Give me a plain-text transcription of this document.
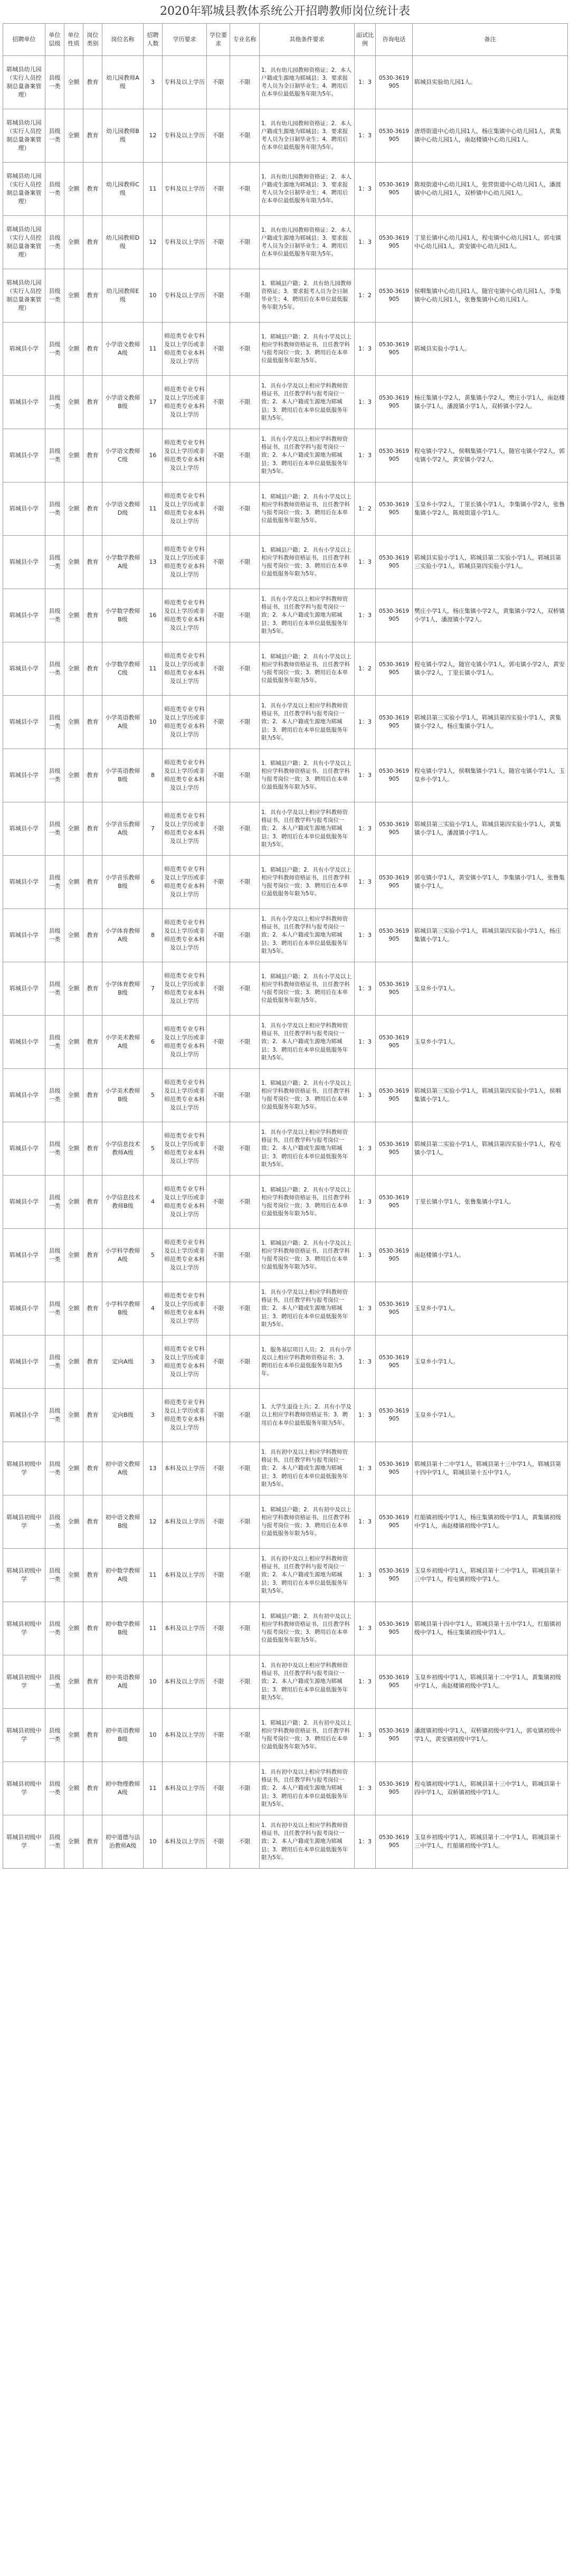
2020年郓城县教体系统公开招聘教师岗位统计表
招聘单位	单位层级	单位性质	岗位类别	岗位名称	招聘人数	学历要求	学位要求	专业名称	其他条件要求	面试比例	咨询电话	备注
郓城县幼儿园（实行人员控制总量备案管理）	县级一类	全额	教育	幼儿园教师A级	3	专科及以上学历	不限	不限	1．具有幼儿园教师资格证；2．本人户籍或生源地为郓城县；3．要求报考人员为全日制毕业生；4．聘用后在本单位最低服务年限为5年。	1：3	0530-3619905	郓城县实验幼儿园1人。
郓城县幼儿园（实行人员控制总量备案管理）	县级一类	全额	教育	幼儿园教师B级	12	专科及以上学历	不限	不限	1．具有幼儿园教师资格证；2．本人户籍或生源地为郓城县；3．要求报考人员为全日制毕业生；4．聘用后在本单位最低服务年限为5年。	1：3	0530-3619905	唐塔街道中心幼儿园1人，杨庄集镇中心幼儿园1人，黄集镇中心幼儿园1人，南赵楼镇中心幼儿园1人。
郓城县幼儿园（实行人员控制总量备案管理）	县级一类	全额	教育	幼儿园教师C级	11	专科及以上学历	不限	不限	1．具有幼儿园教师资格证；2．本人户籍或生源地为郓城县；3．要求报考人员为全日制毕业生；4．聘用后在本单位最低服务年限为5年。	1：3	0530-3619905	陈坡街道中心幼儿园1人，张营街道中心幼儿园1人，潘渡镇中心幼儿园1人，双桥镇中心幼儿园1人。
郓城县幼儿园（实行人员控制总量备案管理）	县级一类	全额	教育	幼儿园教师D级	12	专科及以上学历	不限	不限	1．具有幼儿园教师资格证；2．本人户籍或生源地为郓城县；3．要求报考人员为全日制毕业生；4．聘用后在本单位最低服务年限为5年。	1：3	0530-3619905	丁里长镇中心幼儿园1人，程屯镇中心幼儿园1人，郭屯镇中心幼儿园1人，黄安镇中心幼儿园1人。
郓城县幼儿园（实行人员控制总量备案管理）	县级一类	全额	教育	幼儿园教师E级	10	专科及以上学历	不限	不限	1．郓城县户籍；2．具有幼儿园教师资格证；3．要求报考人员为全日制毕业生；4．聘用后在本单位最低服务年限为5年。	1：2	0530-3619905	侯咽集镇中心幼儿园1人，随官屯镇中心幼儿园1人，李集镇中心幼儿园1人，张鲁集镇中心幼儿园1人。
郓城县小学	县级一类	全额	教育	小学语文教师A级	11	师范类专业专科及以上学历或非师范类专业本科及以上学历	不限	不限	1．郓城县户籍；2．具有小学及以上相应学科教师资格证书，且任教学科与报考岗位一致；3．聘用后在本单位最低服务年限为5年。	1：3	0530-3619905	郓城县实验小学1人。
郓城县小学	县级一类	全额	教育	小学语文教师B级	17	师范类专业专科及以上学历或非师范类专业本科及以上学历	不限	不限	1．具有小学及以上相应学科教师资格证书，且任教学科与报考岗位一致；2．本人户籍或生源地为郓城县；3．聘用后在本单位最低服务年限为5年。	1：3	0530-3619905	杨庄集镇小学2人，黄集镇小学2人，樊庄小学1人，南赵楼镇小学1人，潘渡镇小学1人，双桥镇小学2人。
郓城县小学	县级一类	全额	教育	小学语文教师C级	16	师范类专业专科及以上学历或非师范类专业本科及以上学历	不限	不限	1．具有小学及以上相应学科教师资格证书，且任教学科与报考岗位一致；2．本人户籍或生源地为郓城县；3．聘用后在本单位最低服务年限为5年。	1：3	0530-3619905	程屯镇小学2人，侯咽集镇小学1人，随官屯镇小学2人，郭屯镇小学2人，黄安镇小学2人。
郓城县小学	县级一类	全额	教育	小学语文教师D级	11	师范类专业专科及以上学历或非师范类专业本科及以上学历	不限	不限	1．郓城县户籍；2．具有小学及以上相应学科教师资格证书，且任教学科与报考岗位一致；3．聘用后在本单位最低服务年限为5年。	1：2	0530-3619905	玉皇乡小学2人，丁里长镇小学1人，李集镇小学2人，张鲁集镇小学2人，陈坡街道小学1人。
郓城县小学	县级一类	全额	教育	小学数学教师A级	13	师范类专业专科及以上学历或非师范类专业本科及以上学历	不限	不限	1．郓城县户籍；2．具有小学及以上相应学科教师资格证书，且任教学科与报考岗位一致；3．聘用后在本单位最低服务年限为5年。	1：3	0530-3619905	郓城县实验小学1人，郓城县第二实验小学1人，郓城县第三实验小学1人，郓城县第四实验小学1人。
郓城县小学	县级一类	全额	教育	小学数学教师B级	16	师范类专业专科及以上学历或非师范类专业本科及以上学历	不限	不限	1．具有小学及以上相应学科教师资格证书，且任教学科与报考岗位一致；2．本人户籍或生源地为郓城县；3．聘用后在本单位最低服务年限为5年。	1：3	0530-3619905	樊庄小学1人，杨庄集镇小学2人，黄集镇小学2人，双桥镇小学1人，潘渡镇小学2人。
郓城县小学	县级一类	全额	教育	小学数学教师C级	11	师范类专业专科及以上学历或非师范类专业本科及以上学历	不限	不限	1．郓城县户籍；2．具有小学及以上相应学科教师资格证书，且任教学科与报考岗位一致；3．聘用后在本单位最低服务年限为5年。	1：2	0530-3619905	程屯镇小学2人，随官屯镇小学1人，郭屯镇小学2人，黄安镇小学2人，丁里长镇小学1人。
郓城县小学	县级一类	全额	教育	小学英语教师A级	10	师范类专业专科及以上学历或非师范类专业本科及以上学历	不限	不限	1．具有小学及以上相应学科教师资格证书，且任教学科与报考岗位一致；2．本人户籍或生源地为郓城县；3．聘用后在本单位最低服务年限为5年。	1：3	0530-3619905	郓城县第三实验小学1人，郓城县第四实验小学1人，黄集镇小学2人，杨庄集镇小学1人。
郓城县小学	县级一类	全额	教育	小学英语教师B级	8	师范类专业专科及以上学历或非师范类专业本科及以上学历	不限	不限	1．郓城县户籍；2．具有小学及以上相应学科教师资格证书，且任教学科与报考岗位一致；3．聘用后在本单位最低服务年限为5年。	1：3	0530-3619905	程屯镇小学1人，侯咽集镇小学1人，随官屯镇小学1人，玉皇乡小学1人。
郓城县小学	县级一类	全额	教育	小学音乐教师A级	7	师范类专业专科及以上学历或非师范类专业本科及以上学历	不限	不限	1．具有小学及以上相应学科教师资格证书，且任教学科与报考岗位一致；2．本人户籍或生源地为郓城县；3．聘用后在本单位最低服务年限为5年。	1：3	0530-3619905	郓城县第三实验小学1人，郓城县第四实验小学1人，黄集镇小学1人，潘渡镇小学1人。
郓城县小学	县级一类	全额	教育	小学音乐教师B级	6	师范类专业专科及以上学历或非师范类专业本科及以上学历	不限	不限	1．郓城县户籍；2．具有小学及以上相应学科教师资格证书，且任教学科与报考岗位一致；3．聘用后在本单位最低服务年限为5年。	1：3	0530-3619905	郭屯镇小学1人，黄安镇小学1人，李集镇小学1人，张鲁集镇小学1人。
郓城县小学	县级一类	全额	教育	小学体育教师A级	8	师范类专业专科及以上学历或非师范类专业本科及以上学历	不限	不限	1．具有小学及以上相应学科教师资格证书，且任教学科与报考岗位一致；2．本人户籍或生源地为郓城县；3．聘用后在本单位最低服务年限为5年。	1：3	0530-3619905	郓城县第三实验小学1人，郓城县第四实验小学1人，杨庄集镇小学1人。
郓城县小学	县级一类	全额	教育	小学体育教师B级	7	师范类专业专科及以上学历或非师范类专业本科及以上学历	不限	不限	1．郓城县户籍；2．具有小学及以上相应学科教师资格证书，且任教学科与报考岗位一致；3．聘用后在本单位最低服务年限为5年。	1：3	0530-3619905	玉皇乡小学1人。
郓城县小学	县级一类	全额	教育	小学美术教师A级	6	师范类专业专科及以上学历或非师范类专业本科及以上学历	不限	不限	1．具有小学及以上相应学科教师资格证书，且任教学科与报考岗位一致；2．本人户籍或生源地为郓城县；3．聘用后在本单位最低服务年限为5年。	1：3	0530-3619905	玉皇乡小学1人。
郓城县小学	县级一类	全额	教育	小学美术教师B级	5	师范类专业专科及以上学历或非师范类专业本科及以上学历	不限	不限	1．郓城县户籍；2．具有小学及以上相应学科教师资格证书，且任教学科与报考岗位一致；3．聘用后在本单位最低服务年限为5年。	1：3	0530-3619905	郓城县第三实验小学1人，郓城县第四实验小学1人，侯咽集镇小学1人。
郓城县小学	县级一类	全额	教育	小学信息技术教师A级	5	师范类专业专科及以上学历或非师范类专业本科及以上学历	不限	不限	1．具有小学及以上相应学科教师资格证书，且任教学科与报考岗位一致；2．本人户籍或生源地为郓城县；3．聘用后在本单位最低服务年限为5年。	1：3	0530-3619905	郓城县第二实验小学1人，郓城县第四实验小学1人，程屯镇小学1人。
郓城县小学	县级一类	全额	教育	小学信息技术教师B级	4	师范类专业专科及以上学历或非师范类专业本科及以上学历	不限	不限	1．郓城县户籍；2．具有小学及以上相应学科教师资格证书，且任教学科与报考岗位一致；3．聘用后在本单位最低服务年限为5年。	1：3	0530-3619905	丁里长镇小学1人，张鲁集镇小学1人。
郓城县小学	县级一类	全额	教育	小学科学教师A级	5	师范类专业专科及以上学历或非师范类专业本科及以上学历	不限	不限	1．郓城县户籍；2．具有小学及以上相应学科教师资格证书，且任教学科与报考岗位一致；3．聘用后在本单位最低服务年限为5年。	1：3	0530-3619905	南赵楼镇小学1人。
郓城县小学	县级一类	全额	教育	小学科学教师B级	4	师范类专业专科及以上学历或非师范类专业本科及以上学历	不限	不限	1．具有小学及以上相应学科教师资格证书，且任教学科与报考岗位一致；2．本人户籍或生源地为郓城县；3．聘用后在本单位最低服务年限为5年。	1：3	0530-3619905	玉皇乡小学1人。
郓城县小学	县级一类	全额	教育	定向A级	3	师范类专业专科及以上学历或非师范类专业本科及以上学历	不限	不限	1．服务基层项目人员；2．具有小学及以上相应学科教师资格证书；3．聘用后在本单位最低服务年限为5年。	1：3	0530-3619905	玉皇乡小学1人。
郓城县小学	县级一类	全额	教育	定向B级	3	师范类专业专科及以上学历或非师范类专业本科及以上学历	不限	不限	1．大学生退役士兵；2．具有小学及以上相应学科教师资格证书；3．聘用后在本单位最低服务年限为5年。	1：3	0530-3619905	玉皇乡小学1人。
郓城县初级中学	县级一类	全额	教育	初中语文教师A级	13	本科及以上学历	不限	不限	1．具有初中及以上相应学科教师资格证书，且任教学科与报考岗位一致；2．本人户籍或生源地为郓城县；3．聘用后在本单位最低服务年限为5年。	1：3	0530-3619905	郓城县第十二中学1人，郓城县第十三中学1人，郓城县第十四中学1人，郓城县第十五中学1人。
郓城县初级中学	县级一类	全额	教育	初中语文教师B级	12	本科及以上学历	不限	不限	1．郓城县户籍；2．具有初中及以上相应学科教师资格证书，且任教学科与报考岗位一致；3．聘用后在本单位最低服务年限为5年。	1：3	0530-3619905	红船镇初级中学1人，杨庄集镇初级中学1人，黄集镇初级中学1人，南赵楼镇初级中学1人。
郓城县初级中学	县级一类	全额	教育	初中数学教师A级	11	本科及以上学历	不限	不限	1．具有初中及以上相应学科教师资格证书，且任教学科与报考岗位一致；2．本人户籍或生源地为郓城县；3．聘用后在本单位最低服务年限为5年。	1：3	0530-3619905	玉皇乡初级中学1人，郓城县第十二中学1人，郓城县第十三中学1人，程屯镇初级中学1人。
郓城县初级中学	县级一类	全额	教育	初中数学教师B级	11	本科及以上学历	不限	不限	1．郓城县户籍；2．具有初中及以上相应学科教师资格证书，且任教学科与报考岗位一致；3．聘用后在本单位最低服务年限为5年。	1：3	0530-3619905	郓城县第十四中学1人，郓城县第十五中学1人，红船镇初级中学1人，杨庄集镇初级中学1人。
郓城县初级中学	县级一类	全额	教育	初中英语教师A级	10	本科及以上学历	不限	不限	1．具有初中及以上相应学科教师资格证书，且任教学科与报考岗位一致；2．本人户籍或生源地为郓城县；3．聘用后在本单位最低服务年限为5年。	1：3	0530-3619905	玉皇乡初级中学1人，郓城县第十二中学1人，黄集镇初级中学1人，南赵楼镇初级中学1人。
郓城县初级中学	县级一类	全额	教育	初中英语教师B级	10	本科及以上学历	不限	不限	1．郓城县户籍；2．具有初中及以上相应学科教师资格证书，且任教学科与报考岗位一致；3．聘用后在本单位最低服务年限为5年。	1：3	0530-3619905	潘渡镇初级中学1人，双桥镇初级中学1人，郭屯镇初级中学1人，黄安镇初级中学1人。
郓城县初级中学	县级一类	全额	教育	初中物理教师A级	11	本科及以上学历	不限	不限	1．具有初中及以上相应学科教师资格证书，且任教学科与报考岗位一致；2．本人户籍或生源地为郓城县；3．聘用后在本单位最低服务年限为5年。	1：3	0530-3619905	程屯镇初级中学1人，郓城县第十三中学1人，郓城县第十四中学1人，双桥镇初级中学1人。
郓城县初级中学	县级一类	全额	教育	初中道德与法治教师A级	10	本科及以上学历	不限	不限	1．具有初中及以上相应学科教师资格证书，且任教学科与报考岗位一致；2．本人户籍或生源地为郓城县；3．聘用后在本单位最低服务年限为5年。	1：3	0530-3619905	玉皇乡初级中学1人，郓城县第十二中学1人，郓城县第十三中学1人，红船镇初级中学1人。
